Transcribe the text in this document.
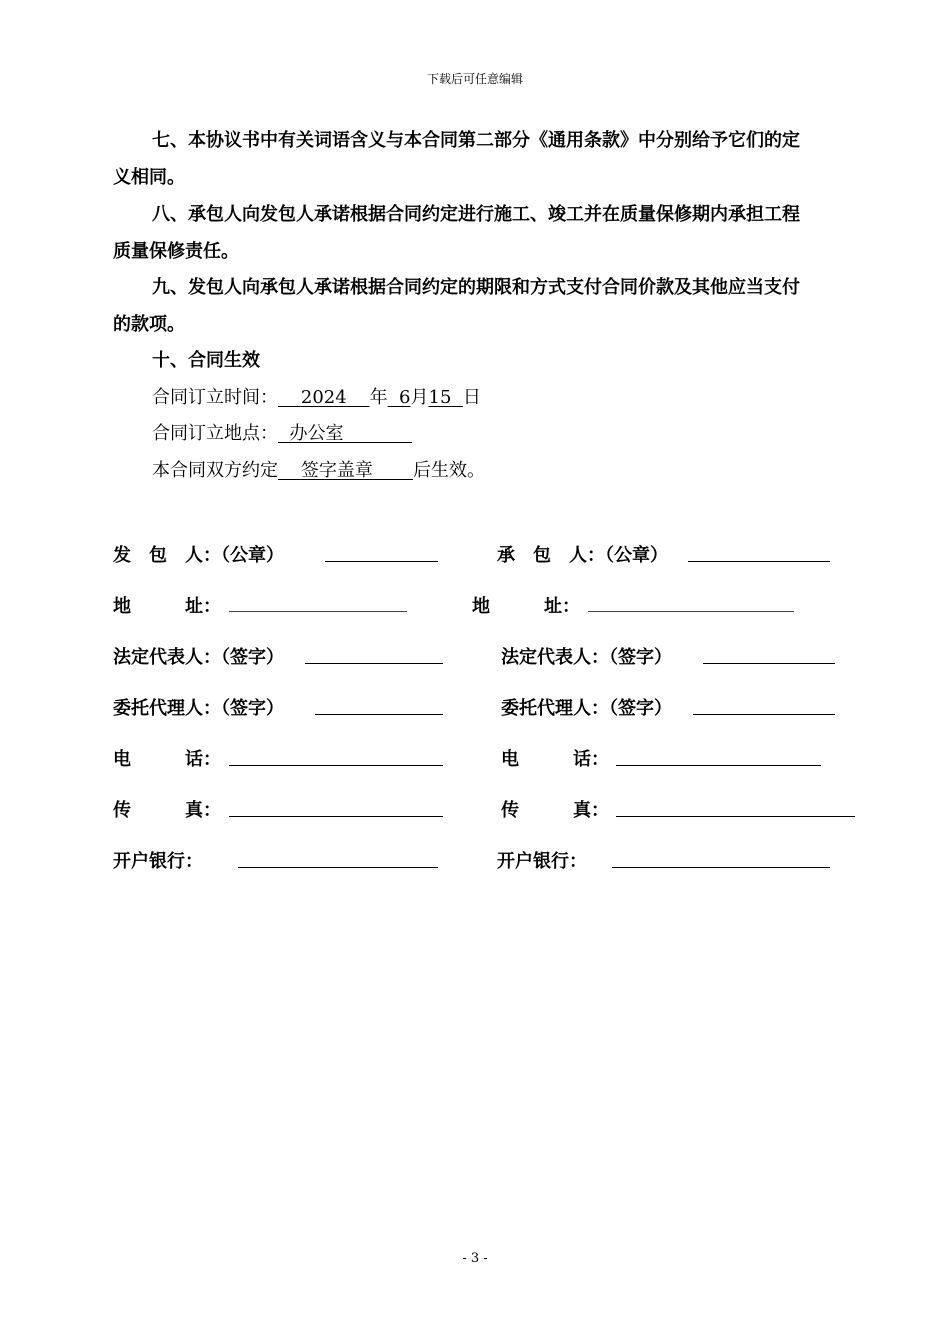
下载后可任意编辑
七、本协议书中有关词语含义与本合同第二部分《通用条款》中分别给予它们的定
义相同。
八、承包人向发包人承诺根据合同约定进行施工、竣工并在质量保修期内承担工程
质量保修责任。
九、发包人向承包人承诺根据合同约定的期限和方式支付合同价款及其他应当支付
的款项。
十、合同生效
合同订立时间： 2024 年 6月15 日
合同订立地点： 办公室
本合同双方约定 签字盖章 后生效。
发　包　人：（公章）	承　包　人：（公章）
地　　　址：	地　　　址：
法定代表人：（签字）	法定代表人：（签字）
委托代理人：（签字）	委托代理人：（签字）
电　　　话：	电　　　话：
传　　　真：	传　　　真：
开户银行：	开户银行：
- 3 -
